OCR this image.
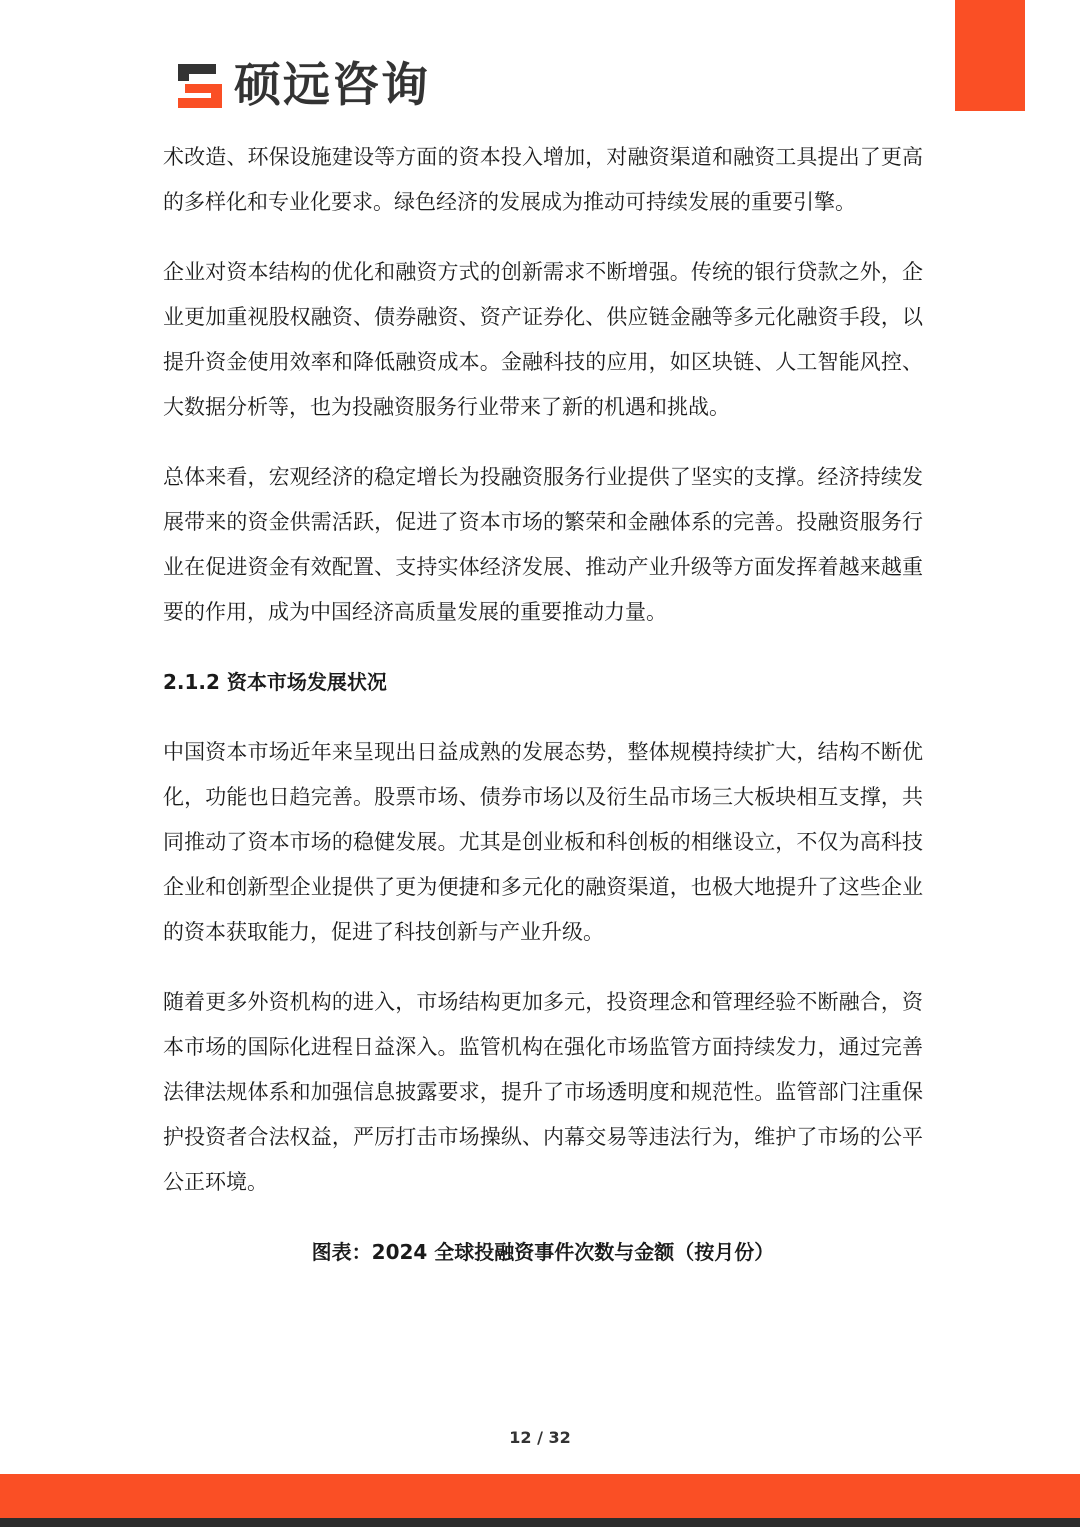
硕远咨询

术改造、环保设施建设等方面的资本投入增加，对融资渠道和融资工具提出了更高的多样化和专业化要求。绿色经济的发展成为推动可持续发展的重要引擎。

企业对资本结构的优化和融资方式的创新需求不断增强。传统的银行贷款之外，企业更加重视股权融资、债券融资、资产证券化、供应链金融等多元化融资手段，以提升资金使用效率和降低融资成本。金融科技的应用，如区块链、人工智能风控、大数据分析等，也为投融资服务行业带来了新的机遇和挑战。

总体来看，宏观经济的稳定增长为投融资服务行业提供了坚实的支撑。经济持续发展带来的资金供需活跃，促进了资本市场的繁荣和金融体系的完善。投融资服务行业在促进资金有效配置、支持实体经济发展、推动产业升级等方面发挥着越来越重要的作用，成为中国经济高质量发展的重要推动力量。

2.1.2 资本市场发展状况

中国资本市场近年来呈现出日益成熟的发展态势，整体规模持续扩大，结构不断优化，功能也日趋完善。股票市场、债券市场以及衍生品市场三大板块相互支撑，共同推动了资本市场的稳健发展。尤其是创业板和科创板的相继设立，不仅为高科技企业和创新型企业提供了更为便捷和多元化的融资渠道，也极大地提升了这些企业的资本获取能力，促进了科技创新与产业升级。

随着更多外资机构的进入，市场结构更加多元，投资理念和管理经验不断融合，资本市场的国际化进程日益深入。监管机构在强化市场监管方面持续发力，通过完善法律法规体系和加强信息披露要求，提升了市场透明度和规范性。监管部门注重保护投资者合法权益，严厉打击市场操纵、内幕交易等违法行为，维护了市场的公平公正环境。

图表：2024 全球投融资事件次数与金额（按月份）

12 / 32
